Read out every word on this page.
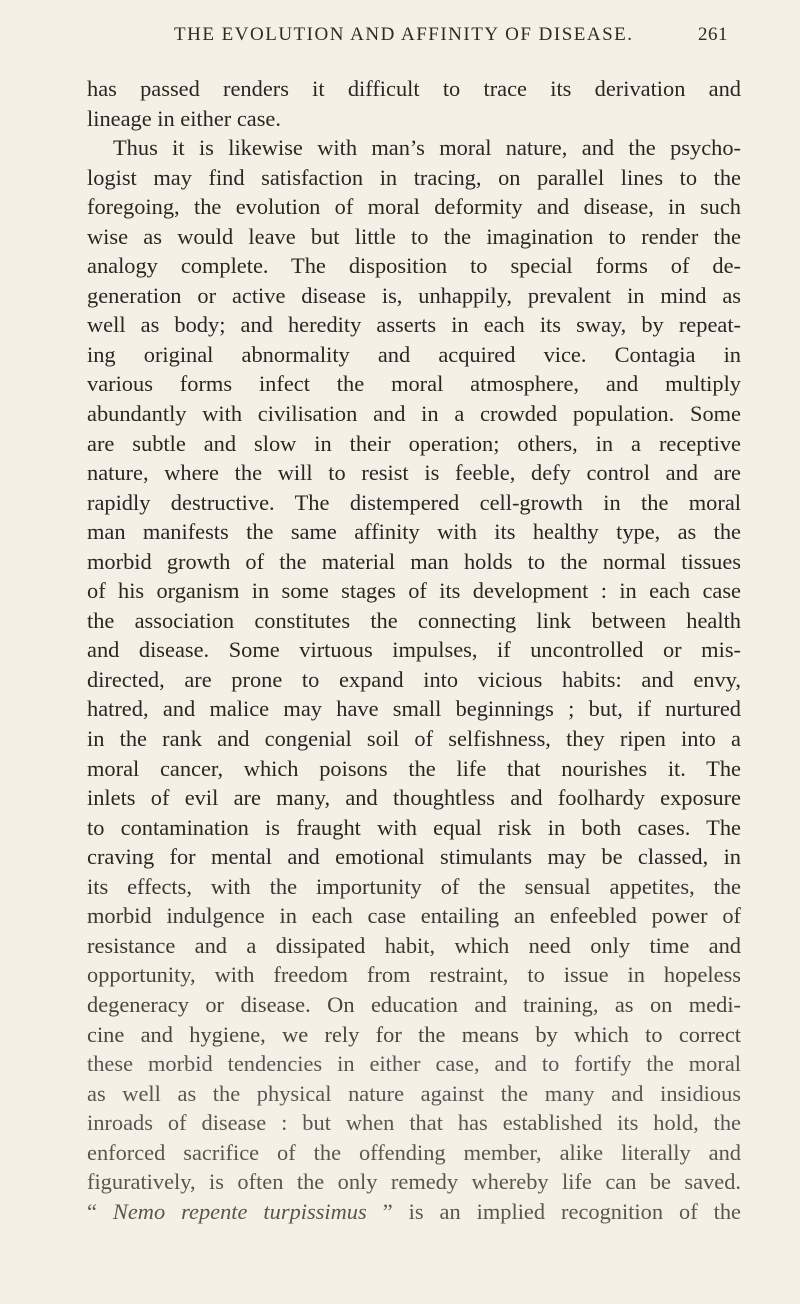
THE EVOLUTION AND AFFINITY OF DISEASE.	261
has passed renders it difficult to trace its derivation and
lineage in either case.
Thus it is likewise with man’s moral nature, and the psycho-
logist may find satisfaction in tracing, on parallel lines to the
foregoing, the evolution of moral deformity and disease, in such
wise as would leave but little to the imagination to render the
analogy complete. The disposition to special forms of de-
generation or active disease is, unhappily, prevalent in mind as
well as body; and heredity asserts in each its sway, by repeat-
ing original abnormality and acquired vice. Contagia in
various forms infect the moral atmosphere, and multiply
abundantly with civilisation and in a crowded population. Some
are subtle and slow in their operation; others, in a receptive
nature, where the will to resist is feeble, defy control and are
rapidly destructive. The distempered cell-growth in the moral
man manifests the same affinity with its healthy type, as the
morbid growth of the material man holds to the normal tissues
of his organism in some stages of its development : in each case
the association constitutes the connecting link between health
and disease. Some virtuous impulses, if uncontrolled or mis-
directed, are prone to expand into vicious habits: and envy,
hatred, and malice may have small beginnings ; but, if nurtured
in the rank and congenial soil of selfishness, they ripen into a
moral cancer, which poisons the life that nourishes it. The
inlets of evil are many, and thoughtless and foolhardy exposure
to contamination is fraught with equal risk in both cases. The
craving for mental and emotional stimulants may be classed, in
its effects, with the importunity of the sensual appetites, the
morbid indulgence in each case entailing an enfeebled power of
resistance and a dissipated habit, which need only time and
opportunity, with freedom from restraint, to issue in hopeless
degeneracy or disease. On education and training, as on medi-
cine and hygiene, we rely for the means by which to correct
these morbid tendencies in either case, and to fortify the moral
as well as the physical nature against the many and insidious
inroads of disease : but when that has established its hold, the
enforced sacrifice of the offending member, alike literally and
figuratively, is often the only remedy whereby life can be saved.
“ Nemo repente turpissimus ” is an implied recognition of the
